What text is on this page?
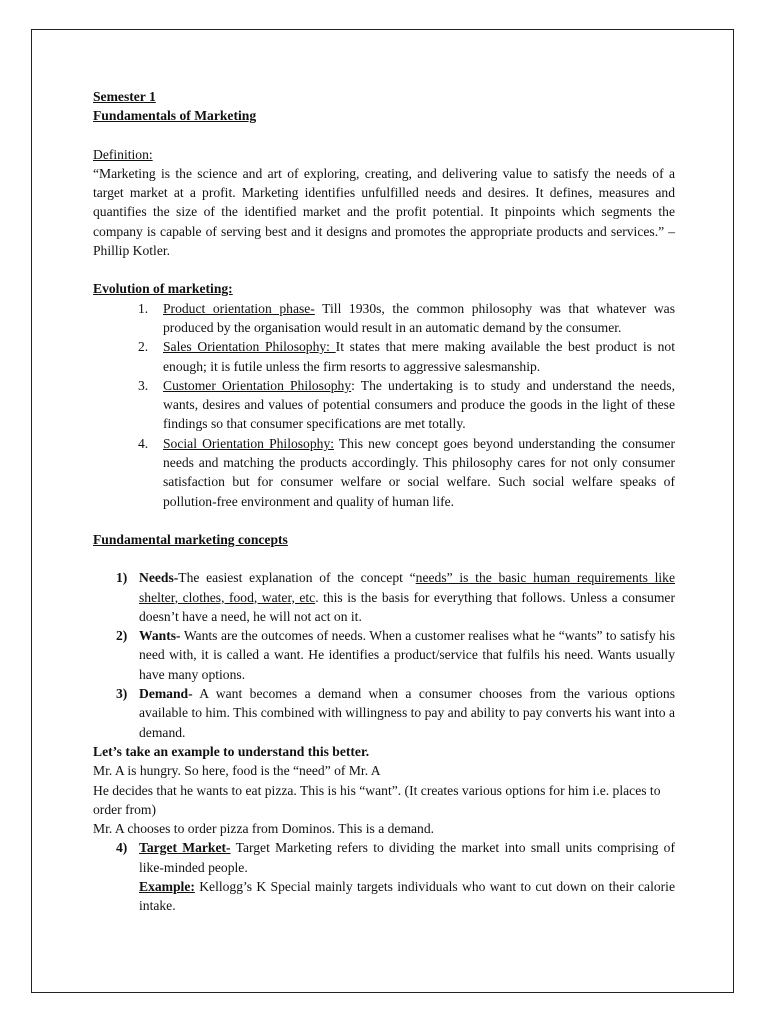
Semester 1

Fundamentals of Marketing

Definition:

“Marketing is the science and art of exploring, creating, and delivering value to satisfy the needs of a target market at a profit. Marketing identifies unfulfilled needs and desires. It defines, measures and quantifies the size of the identified market and the profit potential. It pinpoints which segments the company is capable of serving best and it designs and promotes the appropriate products and services.” – Phillip Kotler.

Evolution of marketing:

1. Product orientation phase- Till 1930s, the common philosophy was that whatever was produced by the organisation would result in an automatic demand by the consumer.
2. Sales Orientation Philosophy: It states that mere making available the best product is not enough; it is futile unless the firm resorts to aggressive salesmanship.
3. Customer Orientation Philosophy: The undertaking is to study and understand the needs, wants, desires and values of potential consumers and produce the goods in the light of these findings so that consumer specifications are met totally.
4. Social Orientation Philosophy: This new concept goes beyond understanding the consumer needs and matching the products accordingly. This philosophy cares for not only consumer satisfaction but for consumer welfare or social welfare. Such social welfare speaks of pollution-free environment and quality of human life.

Fundamental marketing concepts

1) Needs-The easiest explanation of the concept “needs” is the basic human requirements like shelter, clothes, food, water, etc. this is the basis for everything that follows. Unless a consumer doesn’t have a need, he will not act on it.
2) Wants- Wants are the outcomes of needs. When a customer realises what he “wants” to satisfy his need with, it is called a want. He identifies a product/service that fulfils his need. Wants usually have many options.
3) Demand- A want becomes a demand when a consumer chooses from the various options available to him. This combined with willingness to pay and ability to pay converts his want into a demand.

Let’s take an example to understand this better.

Mr. A is hungry. So here, food is the “need” of Mr. A

He decides that he wants to eat pizza. This is his “want”. (It creates various options for him i.e. places to order from)

Mr. A chooses to order pizza from Dominos. This is a demand.

4) Target Market- Target Marketing refers to dividing the market into small units comprising of like-minded people.
Example: Kellogg’s K Special mainly targets individuals who want to cut down on their calorie intake.
